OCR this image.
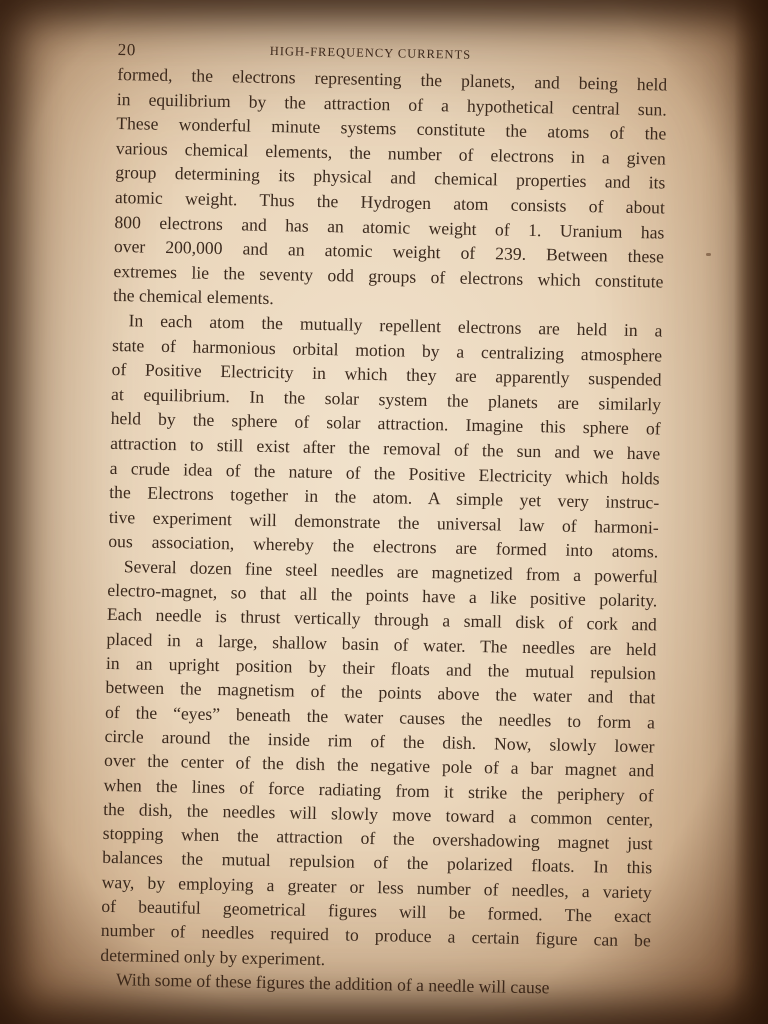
20	HIGH-FREQUENCY CURRENTS
formed, the electrons representing the planets, and being held
in equilibrium by the attraction of a hypothetical central sun.
These wonderful minute systems constitute the atoms of the
various chemical elements, the number of electrons in a given
group determining its physical and chemical properties and its
atomic weight. Thus the Hydrogen atom consists of about
800 electrons and has an atomic weight of 1. Uranium has
over 200,000 and an atomic weight of 239. Between these
extremes lie the seventy odd groups of electrons which constitute
the chemical elements.
In each atom the mutually repellent electrons are held in a
state of harmonious orbital motion by a centralizing atmosphere
of Positive Electricity in which they are apparently suspended
at equilibrium. In the solar system the planets are similarly
held by the sphere of solar attraction. Imagine this sphere of
attraction to still exist after the removal of the sun and we have
a crude idea of the nature of the Positive Electricity which holds
the Electrons together in the atom. A simple yet very instruc-
tive experiment will demonstrate the universal law of harmoni-
ous association, whereby the electrons are formed into atoms.
Several dozen fine steel needles are magnetized from a powerful
electro-magnet, so that all the points have a like positive polarity.
Each needle is thrust vertically through a small disk of cork and
placed in a large, shallow basin of water. The needles are held
in an upright position by their floats and the mutual repulsion
between the magnetism of the points above the water and that
of the “eyes” beneath the water causes the needles to form a
circle around the inside rim of the dish. Now, slowly lower
over the center of the dish the negative pole of a bar magnet and
when the lines of force radiating from it strike the periphery of
the dish, the needles will slowly move toward a common center,
stopping when the attraction of the overshadowing magnet just
balances the mutual repulsion of the polarized floats. In this
way, by employing a greater or less number of needles, a variety
of beautiful geometrical figures will be formed. The exact
number of needles required to produce a certain figure can be
determined only by experiment.
With some of these figures the addition of a needle will cause
